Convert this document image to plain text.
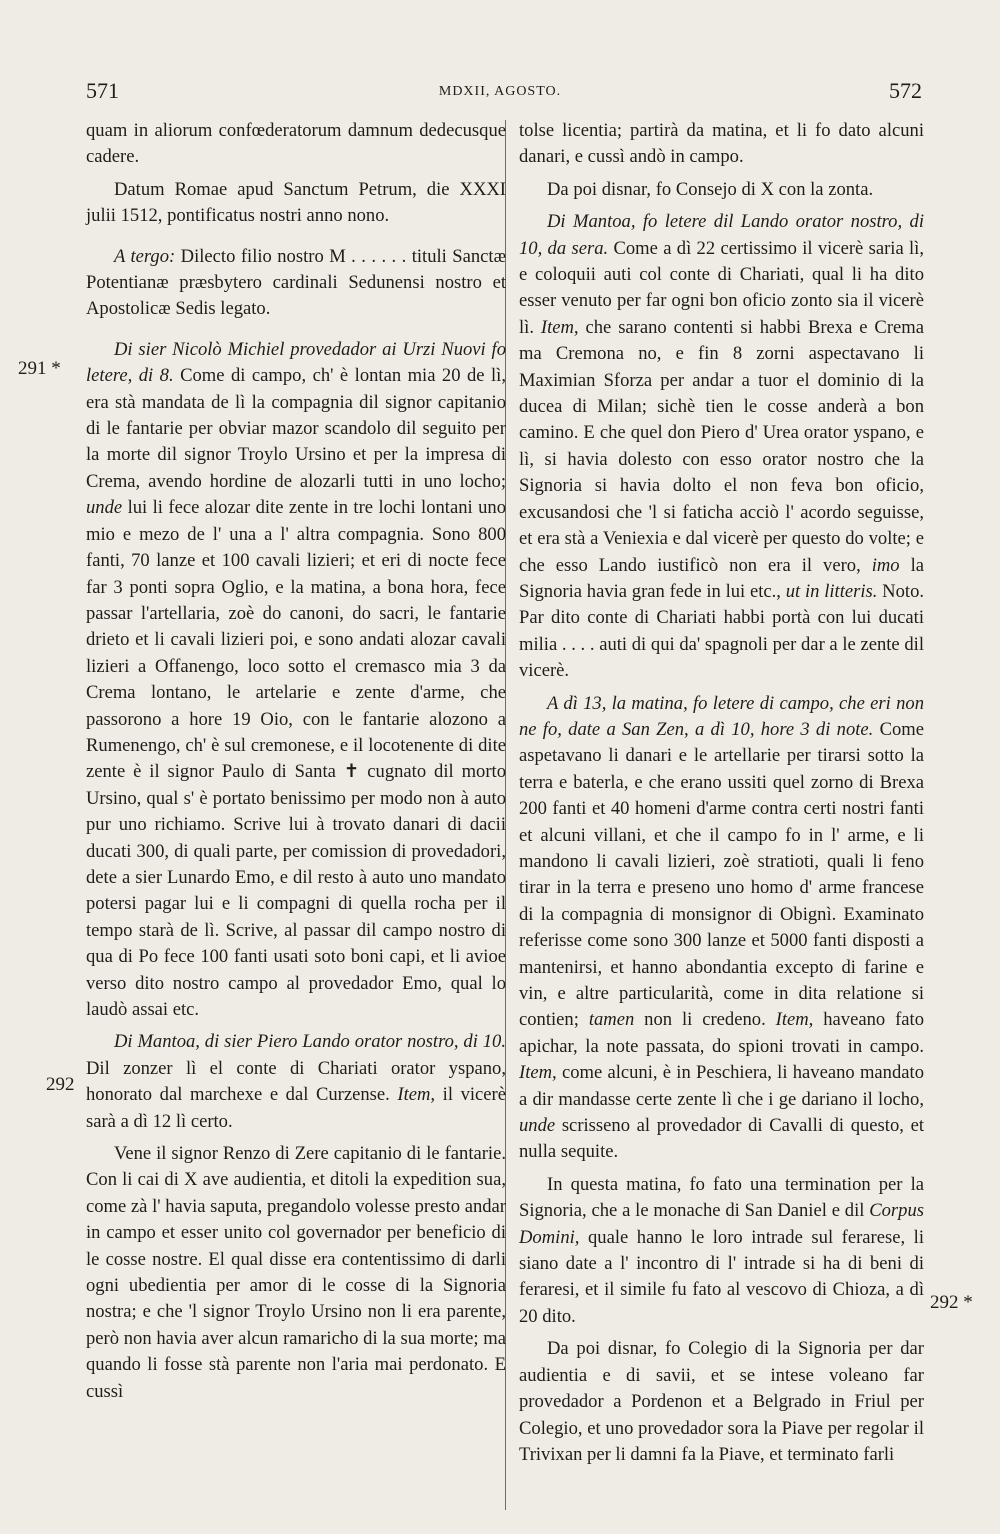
571	MDXII, AGOSTO.	572
291 *
292
292 *

quam in aliorum confœderatorum damnum dedecusque cadere.

Datum Romae apud Sanctum Petrum, die XXXI julii 1512, pontificatus nostri anno nono.

A tergo: Dilecto filio nostro M . . . . . . tituli Sanctæ Potentianæ præsbytero cardinali Sedunensi nostro et Apostolicæ Sedis legato.

Di sier Nicolò Michiel provedador ai Urzi Nuovi fo letere, di 8. Come di campo, ch' è lontan mia 20 de lì, era stà mandata de lì la compagnia dil signor capitanio di le fantarie per obviar mazor scandolo dil seguito per la morte dil signor Troylo Ursino et per la impresa di Crema, avendo hordine de alozarli tutti in uno locho; unde lui li fece alozar dite zente in tre lochi lontani uno mio e mezo de l' una a l' altra compagnia. Sono 800 fanti, 70 lanze et 100 cavali lizieri; et eri di nocte fece far 3 ponti sopra Oglio, e la matina, a bona hora, fece passar l'artellaria, zoè do canoni, do sacri, le fantarie drieto et li cavali lizieri poi, e sono andati alozar cavali lizieri a Offanengo, loco sotto el cremasco mia 3 da Crema lontano, le artelarie e zente d'arme, che passorono a hore 19 Oio, con le fantarie alozono a Rumenengo, ch' è sul cremonese, e il locotenente di dite zente è il signor Paulo di Santa ✝ cugnato dil morto Ursino, qual s' è portato benissimo per modo non à auto pur uno richiamo. Scrive lui à trovato danari di dacii ducati 300, di quali parte, per comission di provedadori, dete a sier Lunardo Emo, e dil resto à auto uno mandato potersi pagar lui e li compagni di quella rocha per il tempo starà de lì. Scrive, al passar dil campo nostro di qua di Po fece 100 fanti usati soto boni capi, et li avioe verso dito nostro campo al provedador Emo, qual lo laudò assai etc.

Di Mantoa, di sier Piero Lando orator nostro, di 10. Dil zonzer lì el conte di Chariati orator yspano, honorato dal marchexe e dal Curzense. Item, il vicerè sarà a dì 12 lì certo.

Vene il signor Renzo di Zere capitanio di le fantarie. Con li cai di X ave audientia, et ditoli la expedition sua, come zà l' havia saputa, pregandolo volesse presto andar in campo et esser unito col governador per beneficio di le cosse nostre. El qual disse era contentissimo di darli ogni ubedientia per amor di le cosse di la Signoria nostra; e che 'l signor Troylo Ursino non li era parente, però non havia aver alcun ramaricho di la sua morte; ma quando li fosse stà parente non l'aria mai perdonato. E cussì

tolse licentia; partirà da matina, et li fo dato alcuni danari, e cussì andò in campo.

Da poi disnar, fo Consejo di X con la zonta.

Di Mantoa, fo letere dil Lando orator nostro, di 10, da sera. Come a dì 22 certissimo il vicerè saria lì, e coloquii auti col conte di Chariati, qual li ha dito esser venuto per far ogni bon oficio zonto sia il vicerè lì. Item, che sarano contenti si habbi Brexa e Crema ma Cremona no, e fin 8 zorni aspectavano li Maximian Sforza per andar a tuor el dominio di la ducea di Milan; sichè tien le cosse anderà a bon camino. E che quel don Piero d' Urea orator yspano, e lì, si havia dolesto con esso orator nostro che la Signoria si havia dolto el non feva bon oficio, excusandosi che 'l si faticha acciò l' acordo seguisse, et era stà a Veniexia e dal vicerè per questo do volte; e che esso Lando iustificò non era il vero, imo la Signoria havia gran fede in lui etc., ut in litteris. Noto. Par dito conte di Chariati habbi portà con lui ducati milia . . . . auti di qui da' spagnoli per dar a le zente dil vicerè.

A dì 13, la matina, fo letere di campo, che eri non ne fo, date a San Zen, a dì 10, hore 3 di note. Come aspetavano li danari e le artellarie per tirarsi sotto la terra e baterla, e che erano ussiti quel zorno di Brexa 200 fanti et 40 homeni d'arme contra certi nostri fanti et alcuni villani, et che il campo fo in l' arme, e li mandono li cavali lizieri, zoè stratioti, quali li feno tirar in la terra e preseno uno homo d' arme francese di la compagnia di monsignor di Obignì. Examinato referisse come sono 300 lanze et 5000 fanti disposti a mantenirsi, et hanno abondantia excepto di farine e vin, e altre particularità, come in dita relatione si contien; tamen non li credeno. Item, haveano fato apichar, la note passata, do spioni trovati in campo. Item, come alcuni, è in Peschiera, li haveano mandato a dir mandasse certe zente lì che i ge dariano il locho, unde scrisseno al provedador di Cavalli di questo, et nulla sequite.

In questa matina, fo fato una termination per la Signoria, che a le monache di San Daniel e dil Corpus Domini, quale hanno le loro intrade sul ferarese, li siano date a l' incontro di l' intrade si ha di beni di feraresi, et il simile fu fato al vescovo di Chioza, a dì 20 dito.

Da poi disnar, fo Colegio di la Signoria per dar audientia e di savii, et se intese voleano far provedador a Pordenon et a Belgrado in Friul per Colegio, et uno provedador sora la Piave per regolar il Trivixan per li damni fa la Piave, et terminato farli
